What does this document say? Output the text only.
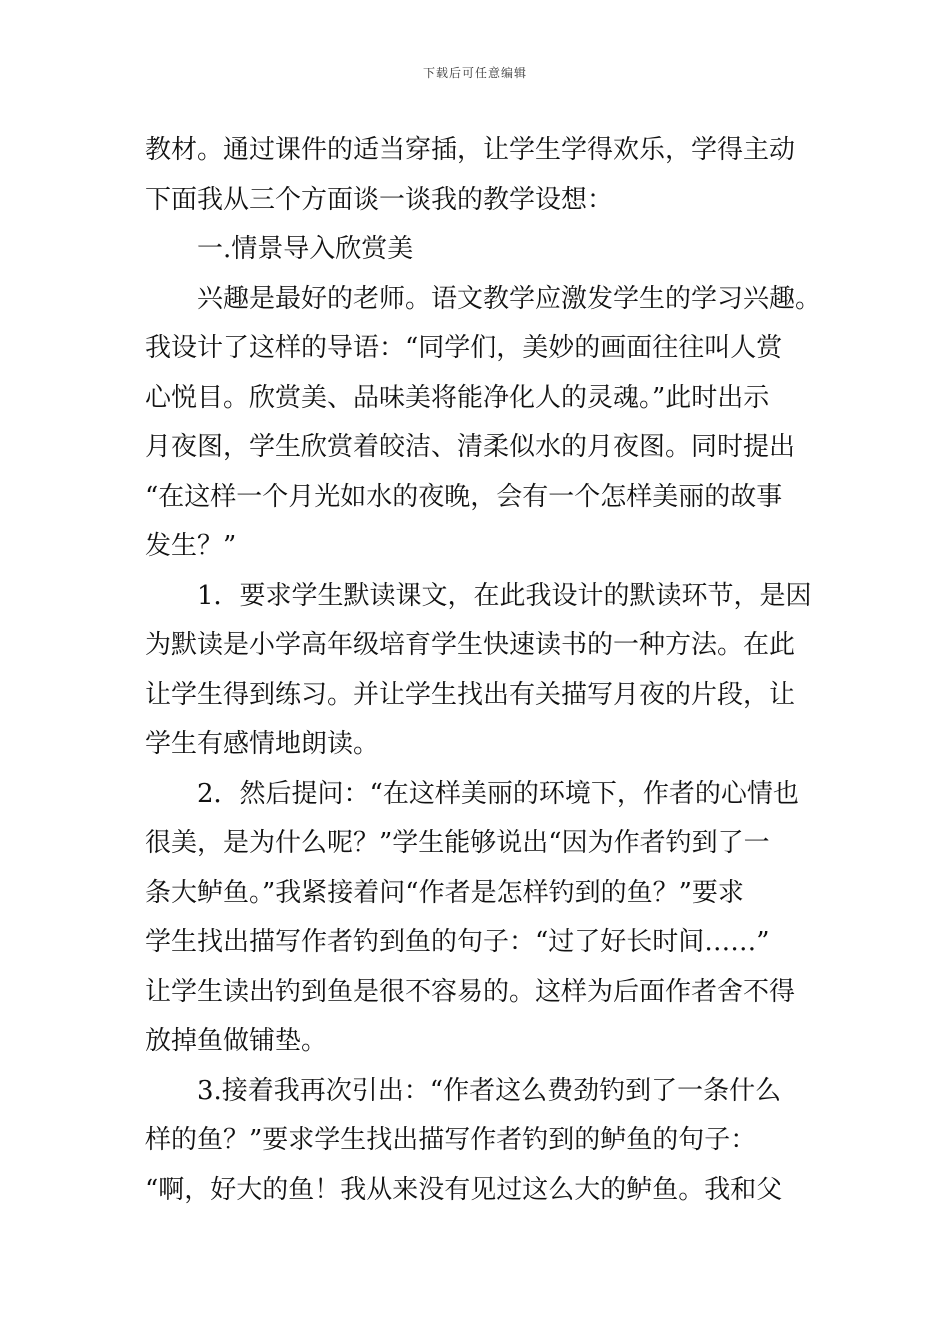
下载后可任意编辑
教材。通过课件的适当穿插，让学生学得欢乐，学得主动
下面我从三个方面谈一谈我的教学设想：
一.情景导入欣赏美
兴趣是最好的老师。语文教学应激发学生的学习兴趣。
我设计了这样的导语：“同学们，美妙的画面往往叫人赏
心悦目。欣赏美、品味美将能净化人的灵魂。”此时出示
月夜图，学生欣赏着皎洁、清柔似水的月夜图。同时提出
“在这样一个月光如水的夜晚，会有一个怎样美丽的故事
发生？”
1．要求学生默读课文，在此我设计的默读环节，是因
为默读是小学高年级培育学生快速读书的一种方法。在此
让学生得到练习。并让学生找出有关描写月夜的片段，让
学生有感情地朗读。
2．然后提问：“在这样美丽的环境下，作者的心情也
很美，是为什么呢？”学生能够说出“因为作者钓到了一
条大鲈鱼。”我紧接着问“作者是怎样钓到的鱼？”要求
学生找出描写作者钓到鱼的句子：“过了好长时间……”
让学生读出钓到鱼是很不容易的。这样为后面作者舍不得
放掉鱼做铺垫。
3.接着我再次引出：“作者这么费劲钓到了一条什么
样的鱼？”要求学生找出描写作者钓到的鲈鱼的句子：
“啊，好大的鱼！我从来没有见过这么大的鲈鱼。我和父
